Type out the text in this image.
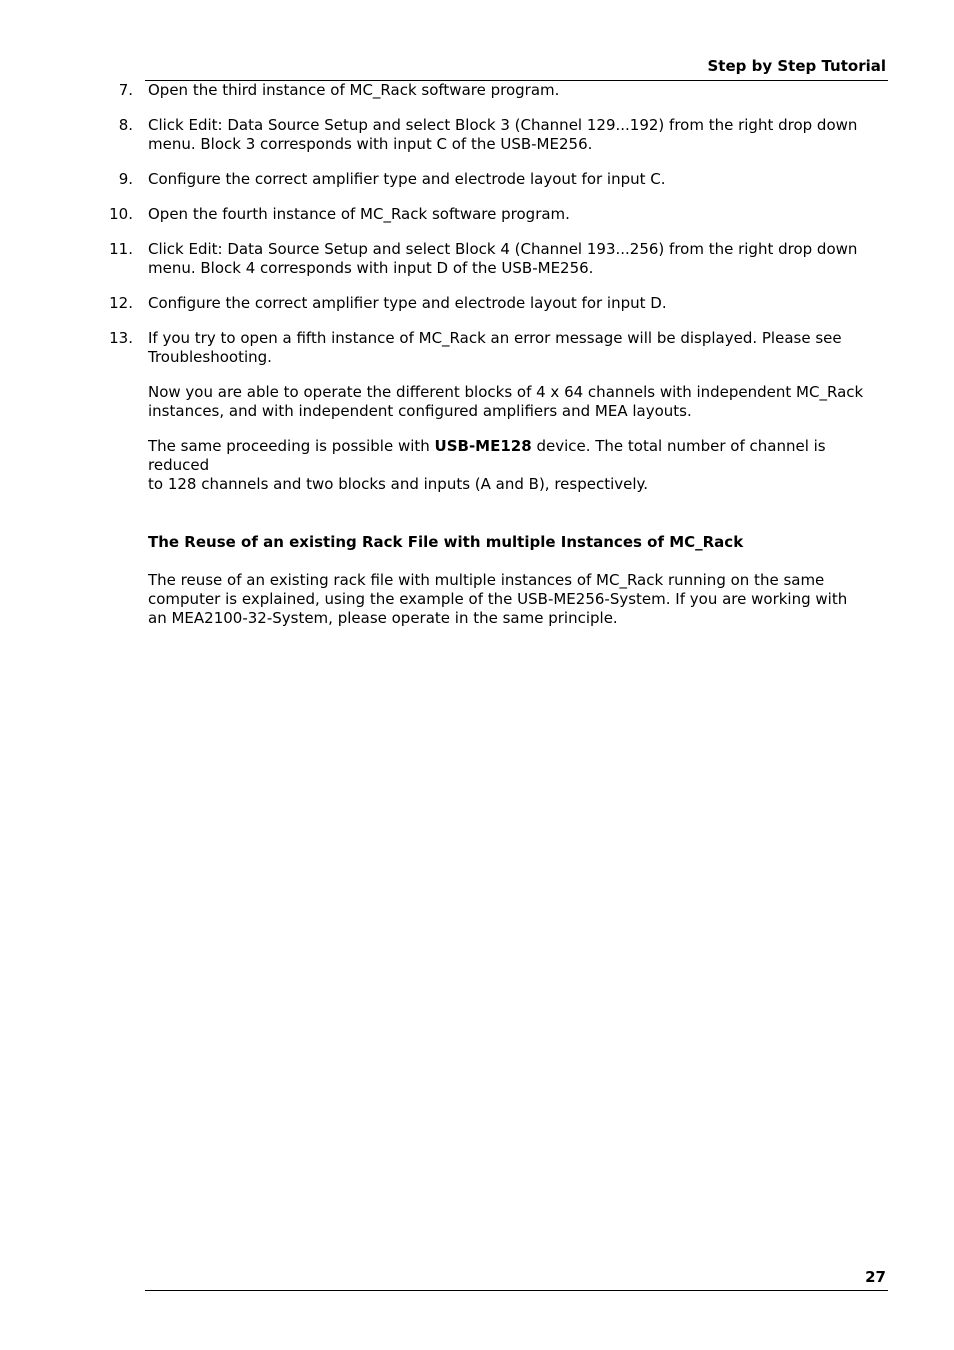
Step by Step Tutorial
7. Open the third instance of MC_Rack software program.
8. Click Edit: Data Source Setup and select Block 3 (Channel 129...192) from the right drop down
menu. Block 3 corresponds with input C of the USB-ME256.
9. Configure the correct amplifier type and electrode layout for input C.
10. Open the fourth instance of MC_Rack software program.
11. Click Edit: Data Source Setup and select Block 4 (Channel 193...256) from the right drop down
menu. Block 4 corresponds with input D of the USB-ME256.
12. Configure the correct amplifier type and electrode layout for input D.
13. If you try to open a fifth instance of MC_Rack an error message will be displayed. Please see
Troubleshooting.
Now you are able to operate the different blocks of 4 x 64 channels with independent MC_Rack
instances, and with independent configured amplifiers and MEA layouts.
The same proceeding is possible with USB-ME128 device. The total number of channel is reduced
to 128 channels and two blocks and inputs (A and B), respectively.
The Reuse of an existing Rack File with multiple Instances of MC_Rack
The reuse of an existing rack file with multiple instances of MC_Rack running on the same
computer is explained, using the example of the USB-ME256-System. If you are working with
an MEA2100-32-System, please operate in the same principle.
27
